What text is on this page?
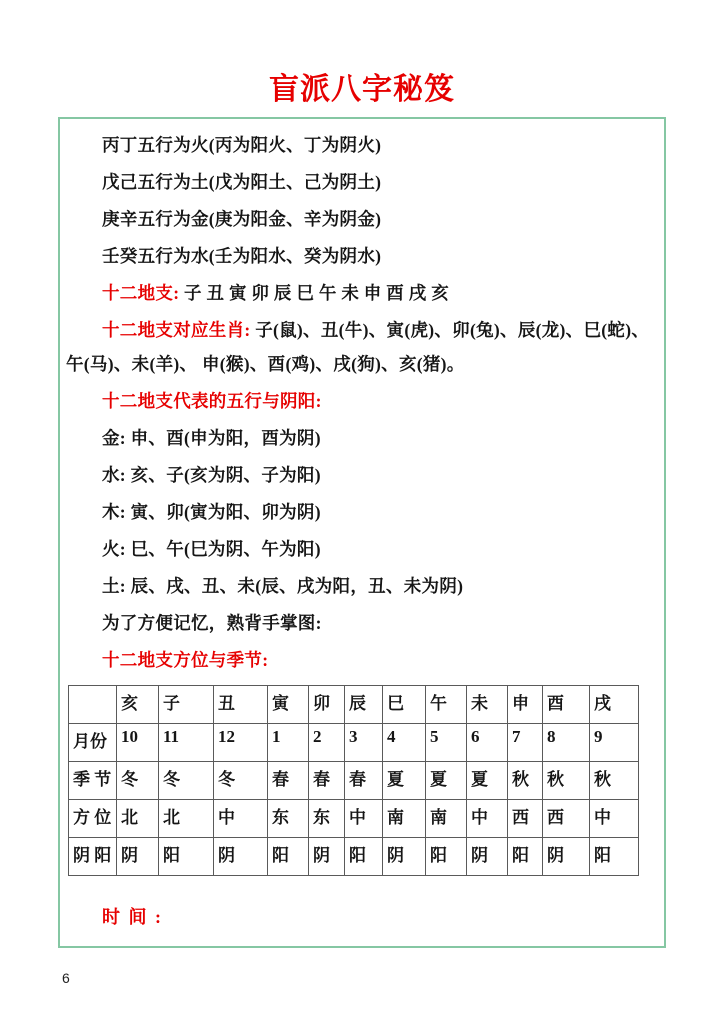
盲派八字秘笈

丙丁五行为火(丙为阳火、丁为阴火)

戊己五行为土(戊为阳土、己为阴土)

庚辛五行为金(庚为阳金、辛为阴金)

壬癸五行为水(壬为阳水、癸为阴水)

十二地支: 子 丑 寅 卯 辰 巳 午 未 申 酉 戌 亥

十二地支对应生肖: 子(鼠)、丑(牛)、寅(虎)、卯(兔)、辰(龙)、巳(蛇)、午(马)、未(羊)、 申(猴)、酉(鸡)、戌(狗)、亥(猪)。

十二地支代表的五行与阴阳:

金: 申、酉(申为阳，酉为阴)

水: 亥、子(亥为阴、子为阳)

木: 寅、卯(寅为阳、卯为阴)

火: 巳、午(巳为阴、午为阳)

土: 辰、戌、丑、未(辰、戌为阳，丑、未为阴)

为了方便记忆，熟背手掌图:

十二地支方位与季节:

	亥	子	丑	寅	卯	辰	巳	午	未	申	酉	戌
月份	10	11	12	1	2	3	4	5	6	7	8	9
季 节	冬	冬	冬	春	春	春	夏	夏	夏	秋	秋	秋
方 位	北	北	中	东	东	中	南	南	中	西	西	中
阴 阳	阴	阳	阴	阳	阴	阳	阴	阳	阴	阳	阴	阳

时 间 :

6
